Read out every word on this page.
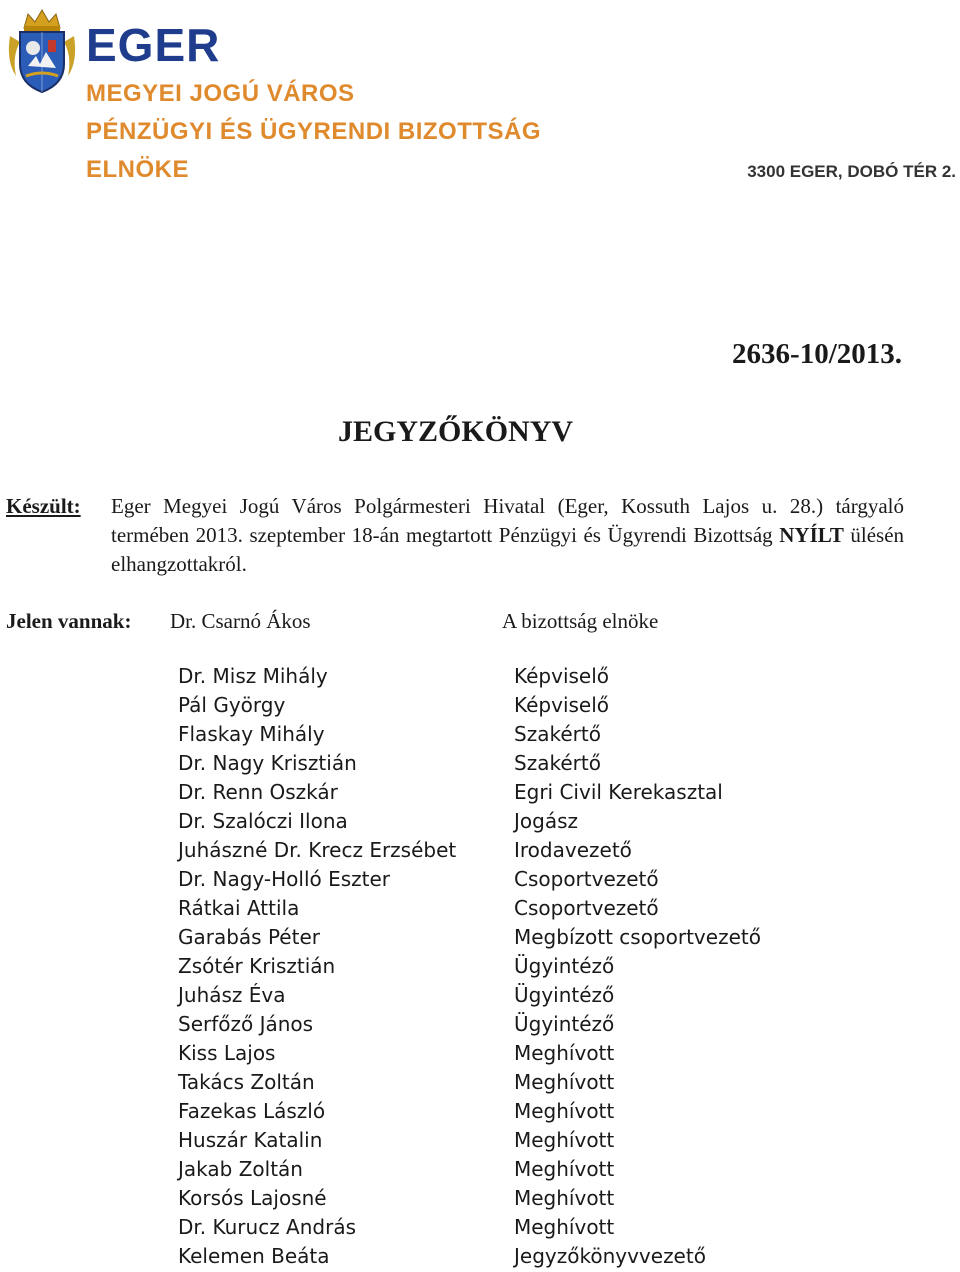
EGER
MEGYEI JOGÚ VÁROS
PÉNZÜGYI ÉS ÜGYRENDI BIZOTTSÁG
ELNÖKE	3300 EGER, DOBÓ TÉR 2.
2636-10/2013.
JEGYZŐKÖNYV
Készült: Eger Megyei Jogú Város Polgármesteri Hivatal (Eger, Kossuth Lajos u. 28.) tárgyaló termében 2013. szeptember 18-án megtartott Pénzügyi és Ügyrendi Bizottság NYÍLT ülésén elhangzottakról.
Jelen vannak: Dr. Csarnó Ákos	A bizottság elnöke
Dr. Misz Mihály	Képviselő
Pál György	Képviselő
Flaskay Mihály	Szakértő
Dr. Nagy Krisztián	Szakértő
Dr. Renn Oszkár	Egri Civil Kerekasztal
Dr. Szalóczi Ilona	Jogász
Juhászné Dr. Krecz Erzsébet	Irodavezető
Dr. Nagy-Holló Eszter	Csoportvezető
Rátkai Attila	Csoportvezető
Garabás Péter	Megbízott csoportvezető
Zsótér Krisztián	Ügyintéző
Juhász Éva	Ügyintéző
Serfőző János	Ügyintéző
Kiss Lajos	Meghívott
Takács Zoltán	Meghívott
Fazekas László	Meghívott
Huszár Katalin	Meghívott
Jakab Zoltán	Meghívott
Korsós Lajosné	Meghívott
Dr. Kurucz András	Meghívott
Kelemen Beáta	Jegyzőkönyvvezető
